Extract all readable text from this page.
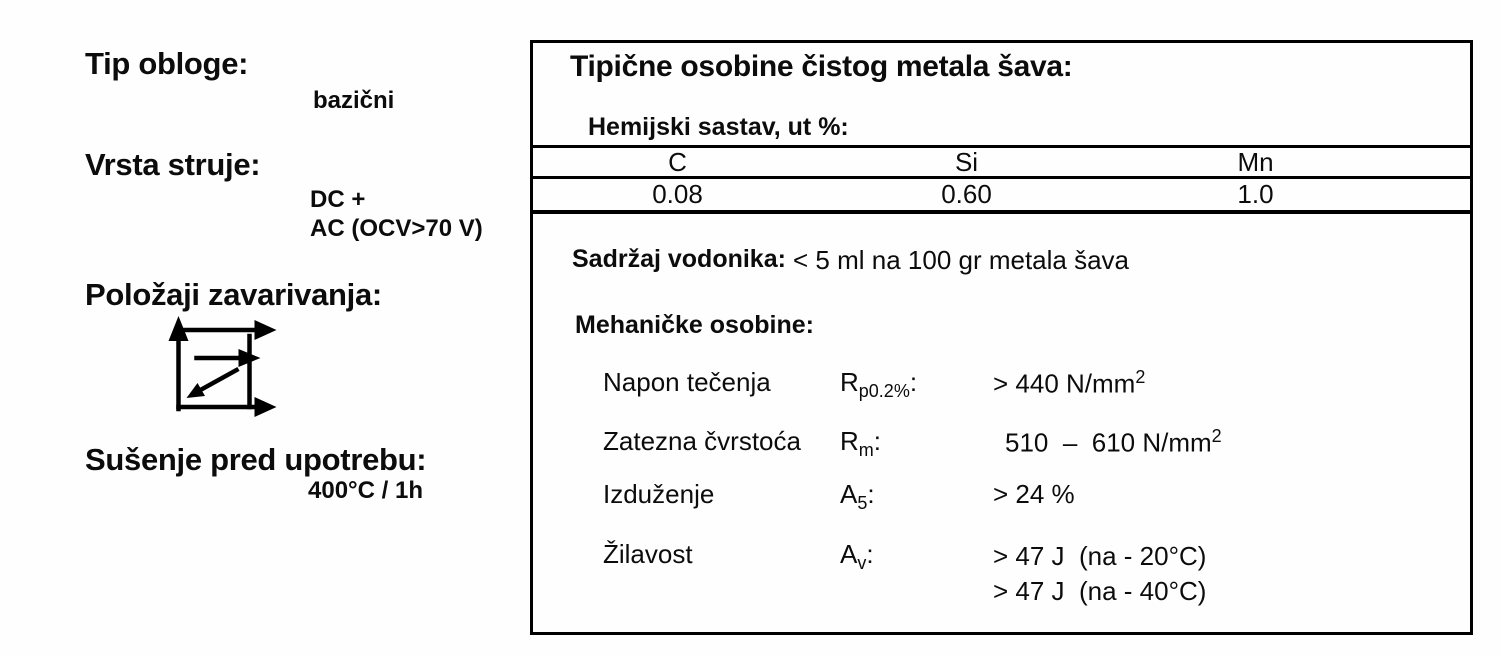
Tip obloge:
bazični
Vrsta struje:
DC +
AC (OCV>70 V)
Položaji zavarivanja:
Sušenje pred upotrebu:
400°C / 1h
Tipične osobine čistog metala šava:
Hemijski sastav, ut %:
C	Si	Mn
0.08	0.60	1.0
Sadržaj vodonika: < 5 ml na 100 gr metala šava
Mehaničke osobine:
Napon tečenja	$R_{p0.2\%}$:	> 440 $N/mm^2$
Zatezna čvrstoća $R_m$:	510  –  610 $N/mm^2$
Izduženje	$A_5$:	> 24 %
Žilavost	$A_v$:	> 47 J  (na - 20°C)
> 47 J  (na - 40°C)
